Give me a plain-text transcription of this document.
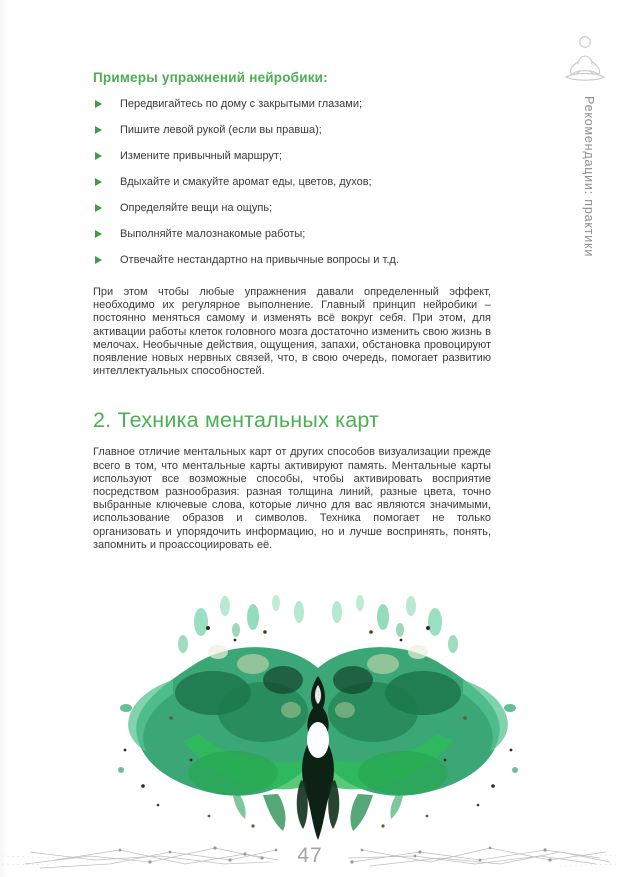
Рекомендации: практики
Примеры упражнений нейробики:
Передвигайтесь по дому с закрытыми глазами;
Пишите левой рукой (если вы правша);
Измените привычный маршрут;
Вдыхайте и смакуйте аромат еды, цветов, духов;
Определяйте вещи на ощупь;
Выполняйте малознакомые работы;
Отвечайте нестандартно на привычные вопросы и т.д.

При этом чтобы любые упражнения давали определенный эффект, необходимо их регулярное выполнение. Главный принцип нейробики – постоянно меняться самому и изменять всё вокруг себя. При этом, для активации работы клеток головного мозга достаточно изменить свою жизнь в мелочах. Необычные действия, ощущения, запахи, обстановка провоцируют появление новых нервных связей, что, в свою очередь, помогает развитию интеллектуальных способностей.

2. Техника ментальных карт

Главное отличие ментальных карт от других способов визуализации прежде всего в том, что ментальные карты активируют память. Ментальные карты используют все возможные способы, чтобы активировать восприятие посредством разнообразия: разная толщина линий, разные цвета, точно выбранные ключевые слова, которые лично для вас являются значимыми, использование образов и символов. Техника помогает не только организовать и упорядочить информацию, но и лучше воспринять, понять, запомнить и проассоциировать её.

47
